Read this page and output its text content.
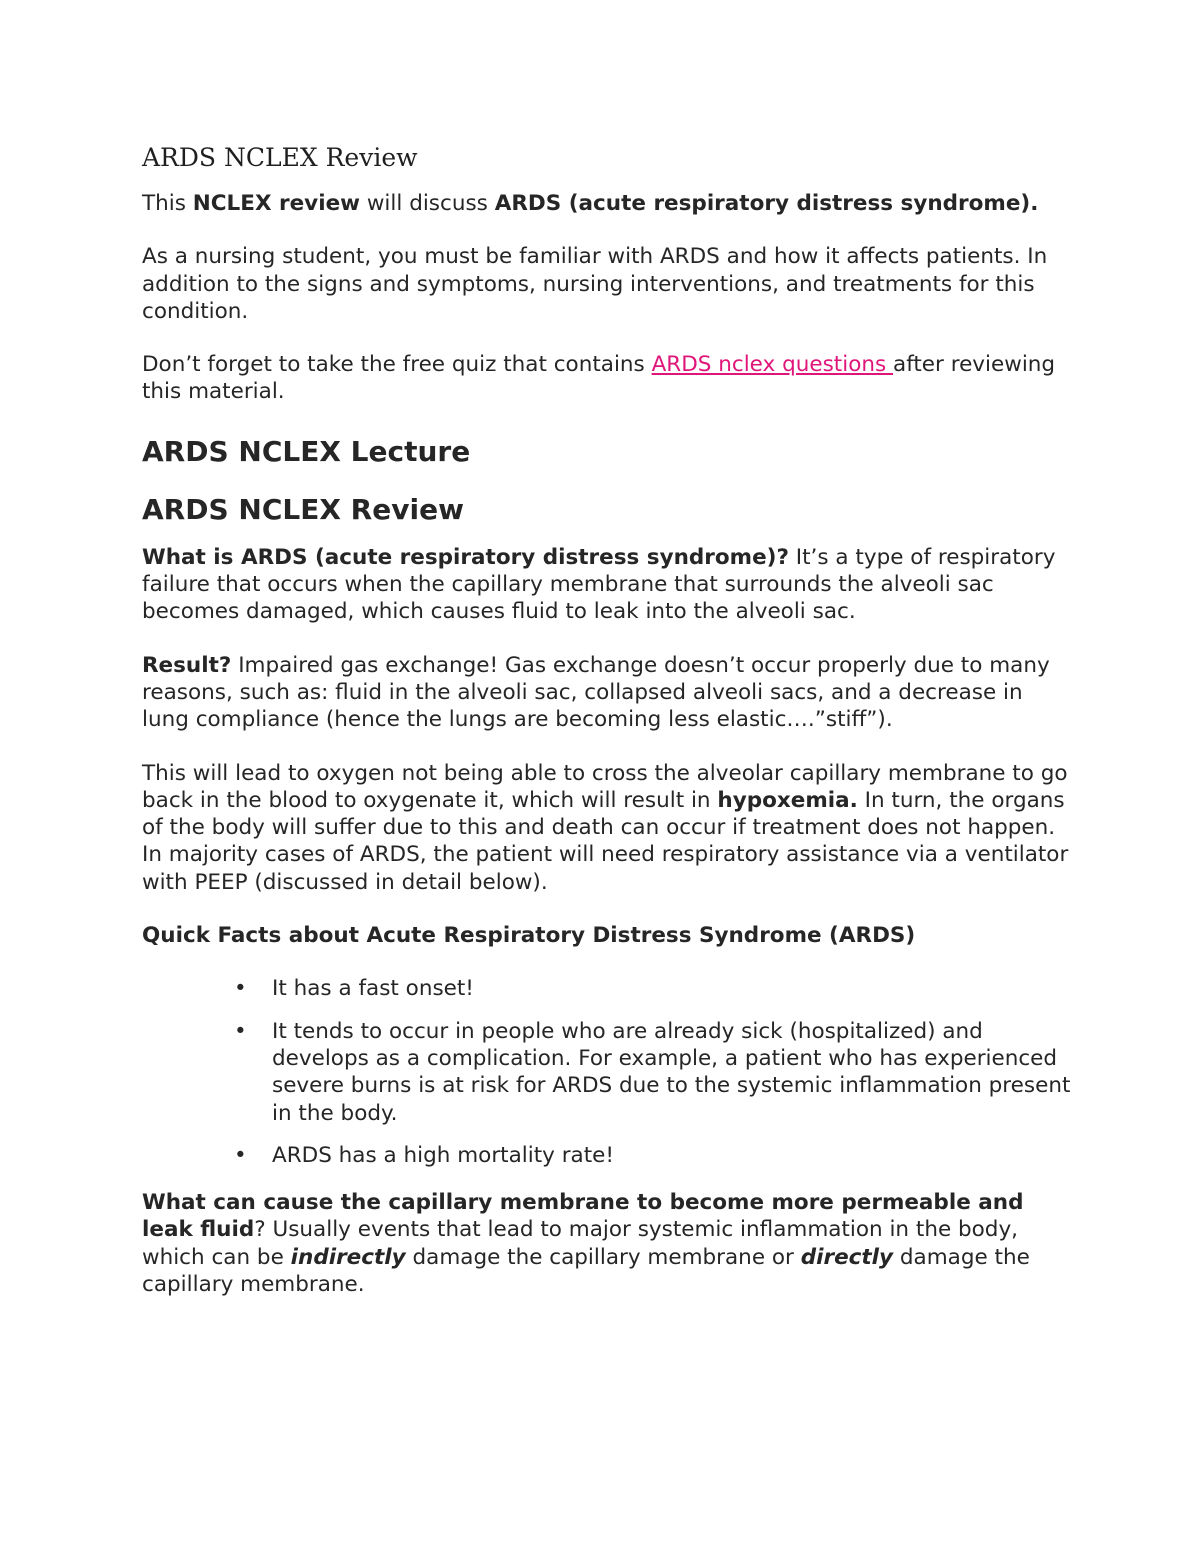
ARDS NCLEX Review

This NCLEX review will discuss ARDS (acute respiratory distress syndrome).

As a nursing student, you must be familiar with ARDS and how it affects patients. In addition to the signs and symptoms, nursing interventions, and treatments for this condition.

Don’t forget to take the free quiz that contains ARDS nclex questions after reviewing this material.

ARDS NCLEX Lecture
ARDS NCLEX Review

What is ARDS (acute respiratory distress syndrome)? It’s a type of respiratory failure that occurs when the capillary membrane that surrounds the alveoli sac becomes damaged, which causes fluid to leak into the alveoli sac.

Result? Impaired gas exchange! Gas exchange doesn’t occur properly due to many reasons, such as: fluid in the alveoli sac, collapsed alveoli sacs, and a decrease in lung compliance (hence the lungs are becoming less elastic….”stiff”).

This will lead to oxygen not being able to cross the alveolar capillary membrane to go back in the blood to oxygenate it, which will result in hypoxemia. In turn, the organs of the body will suffer due to this and death can occur if treatment does not happen. In majority cases of ARDS, the patient will need respiratory assistance via a ventilator with PEEP (discussed in detail below).

Quick Facts about Acute Respiratory Distress Syndrome (ARDS)

• It has a fast onset!
• It tends to occur in people who are already sick (hospitalized) and develops as a complication. For example, a patient who has experienced severe burns is at risk for ARDS due to the systemic inflammation present in the body.
• ARDS has a high mortality rate!

What can cause the capillary membrane to become more permeable and leak fluid? Usually events that lead to major systemic inflammation in the body, which can be indirectly damage the capillary membrane or directly damage the capillary membrane.
